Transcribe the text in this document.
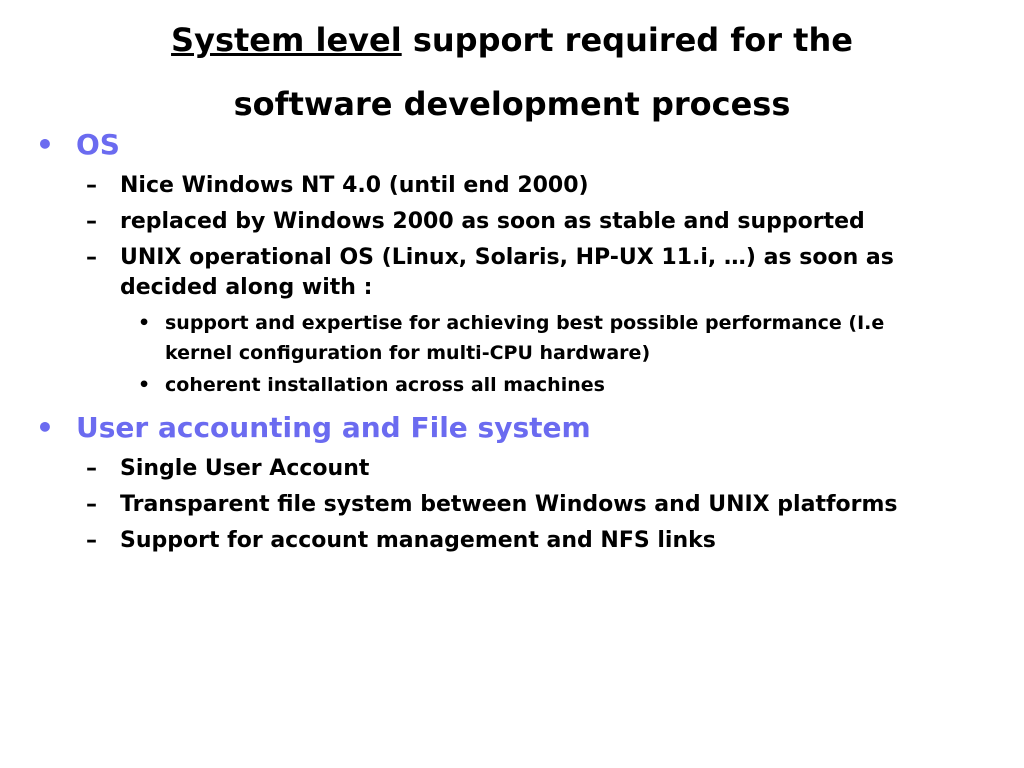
System level support required for the
software development process
• OS
– Nice Windows NT 4.0 (until end 2000)
– replaced by Windows 2000 as soon as stable and supported
– UNIX operational OS (Linux, Solaris, HP-UX 11.i, …) as soon as decided along with :
• support and expertise for achieving best possible performance (I.e kernel configuration for multi-CPU hardware)
• coherent installation across all machines
• User accounting and File system
– Single User Account
– Transparent file system between Windows and UNIX platforms
– Support for account management and NFS links
